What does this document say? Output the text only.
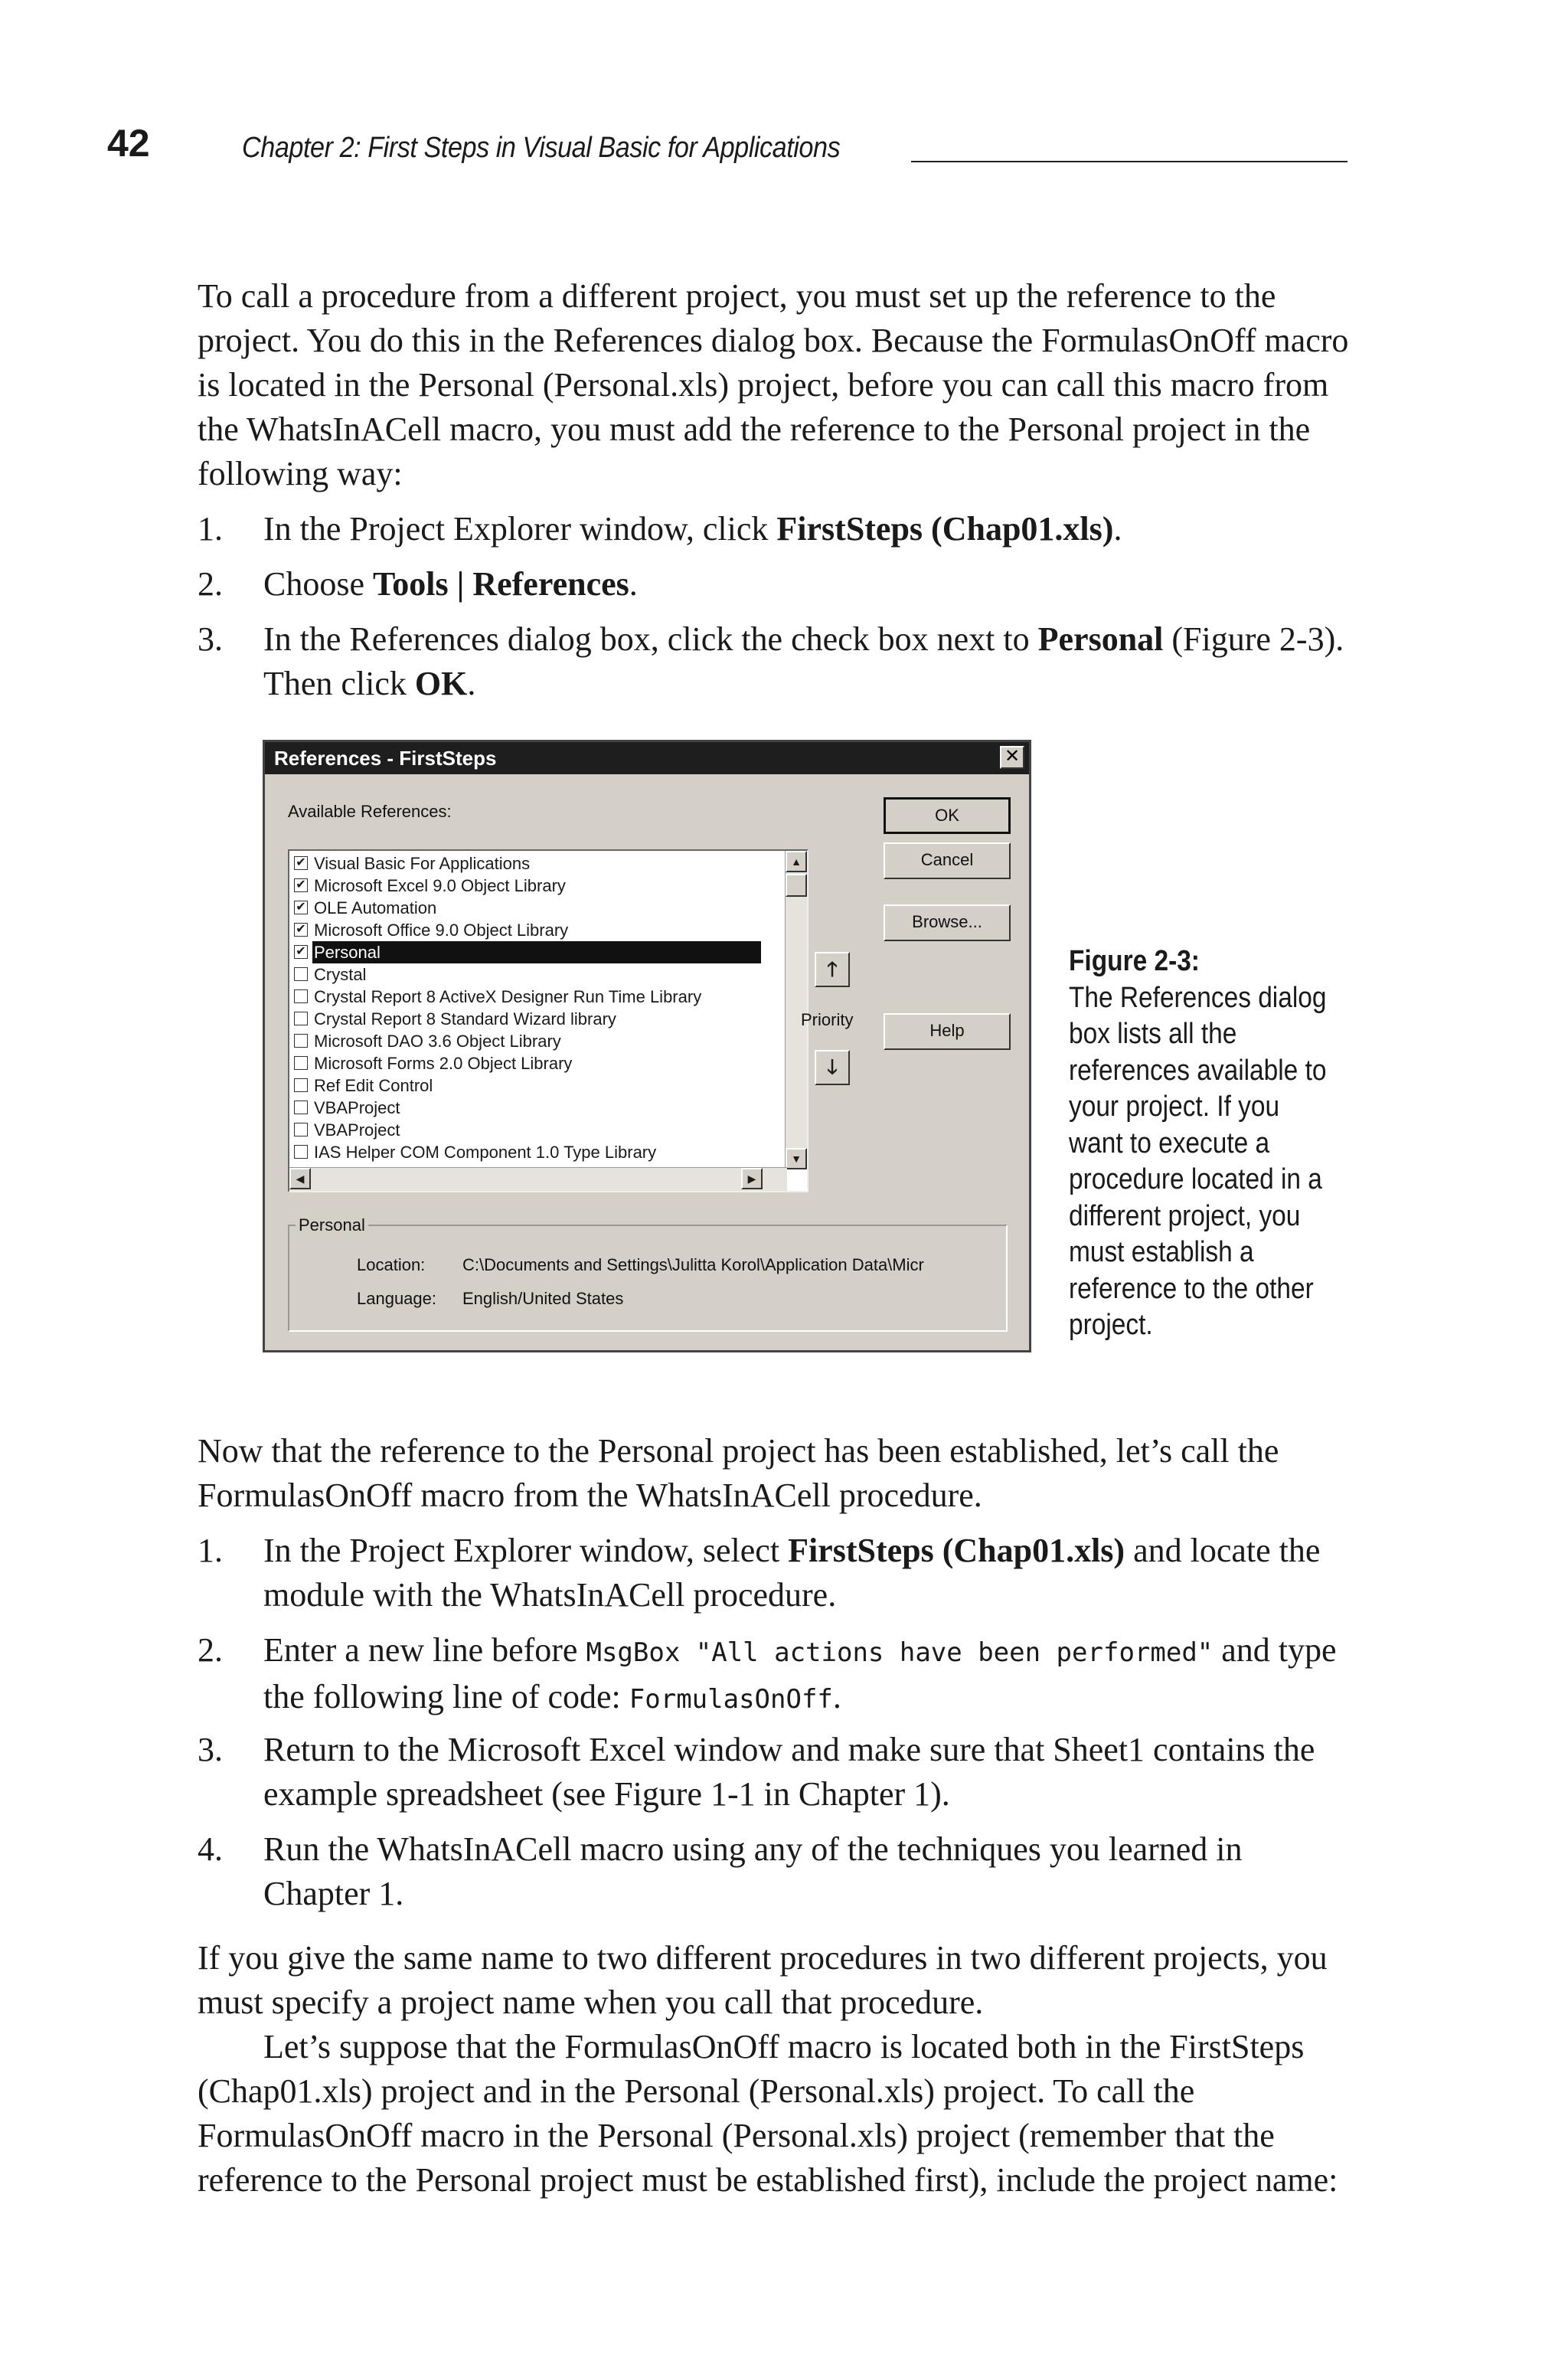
42	Chapter 2: First Steps in Visual Basic for Applications

To call a procedure from a different project, you must set up the reference to the project. You do this in the References dialog box. Because the FormulasOnOff macro is located in the Personal (Personal.xls) project, before you can call this macro from the WhatsInACell macro, you must add the reference to the Personal project in the following way:

1. In the Project Explorer window, click FirstSteps (Chap01.xls).
2. Choose Tools | References.
3. In the References dialog box, click the check box next to Personal (Figure 2-3). Then click OK.
References - FirstSteps	✕
Available References:
✔ Visual Basic For Applications
✔ Microsoft Excel 9.0 Object Library
✔ OLE Automation
✔ Microsoft Office 9.0 Object Library
✔ Personal
Crystal
Crystal Report 8 ActiveX Designer Run Time Library
Crystal Report 8 Standard Wizard library
Microsoft DAO 3.6 Object Library
Microsoft Forms 2.0 Object Library
Ref Edit Control
VBAProject
VBAProject
IAS Helper COM Component 1.0 Type Library
▲
▼
◀	▶
OK
Cancel
Browse...
Help
🡑
Priority
🡓
Personal
Location: C:\Documents and Settings\Julitta Korol\Application Data\Micr
Language: English/United States
Figure 2-3:
The References dialog box lists all the references available to your project. If you want to execute a procedure located in a different project, you must establish a reference to the other project.

Now that the reference to the Personal project has been established, let’s call the FormulasOnOff macro from the WhatsInACell procedure.

1. In the Project Explorer window, select FirstSteps (Chap01.xls) and locate the module with the WhatsInACell procedure.
2. Enter a new line before MsgBox "All actions have been performed" and type the following line of code: FormulasOnOff.
3. Return to the Microsoft Excel window and make sure that Sheet1 contains the example spreadsheet (see Figure 1-1 in Chapter 1).
4. Run the WhatsInACell macro using any of the techniques you learned in Chapter 1.

If you give the same name to two different procedures in two different projects, you must specify a project name when you call that procedure.

Let’s suppose that the FormulasOnOff macro is located both in the FirstSteps (Chap01.xls) project and in the Personal (Personal.xls) project. To call the FormulasOnOff macro in the Personal (Personal.xls) project (remember that the reference to the Personal project must be established first), include the project name:
